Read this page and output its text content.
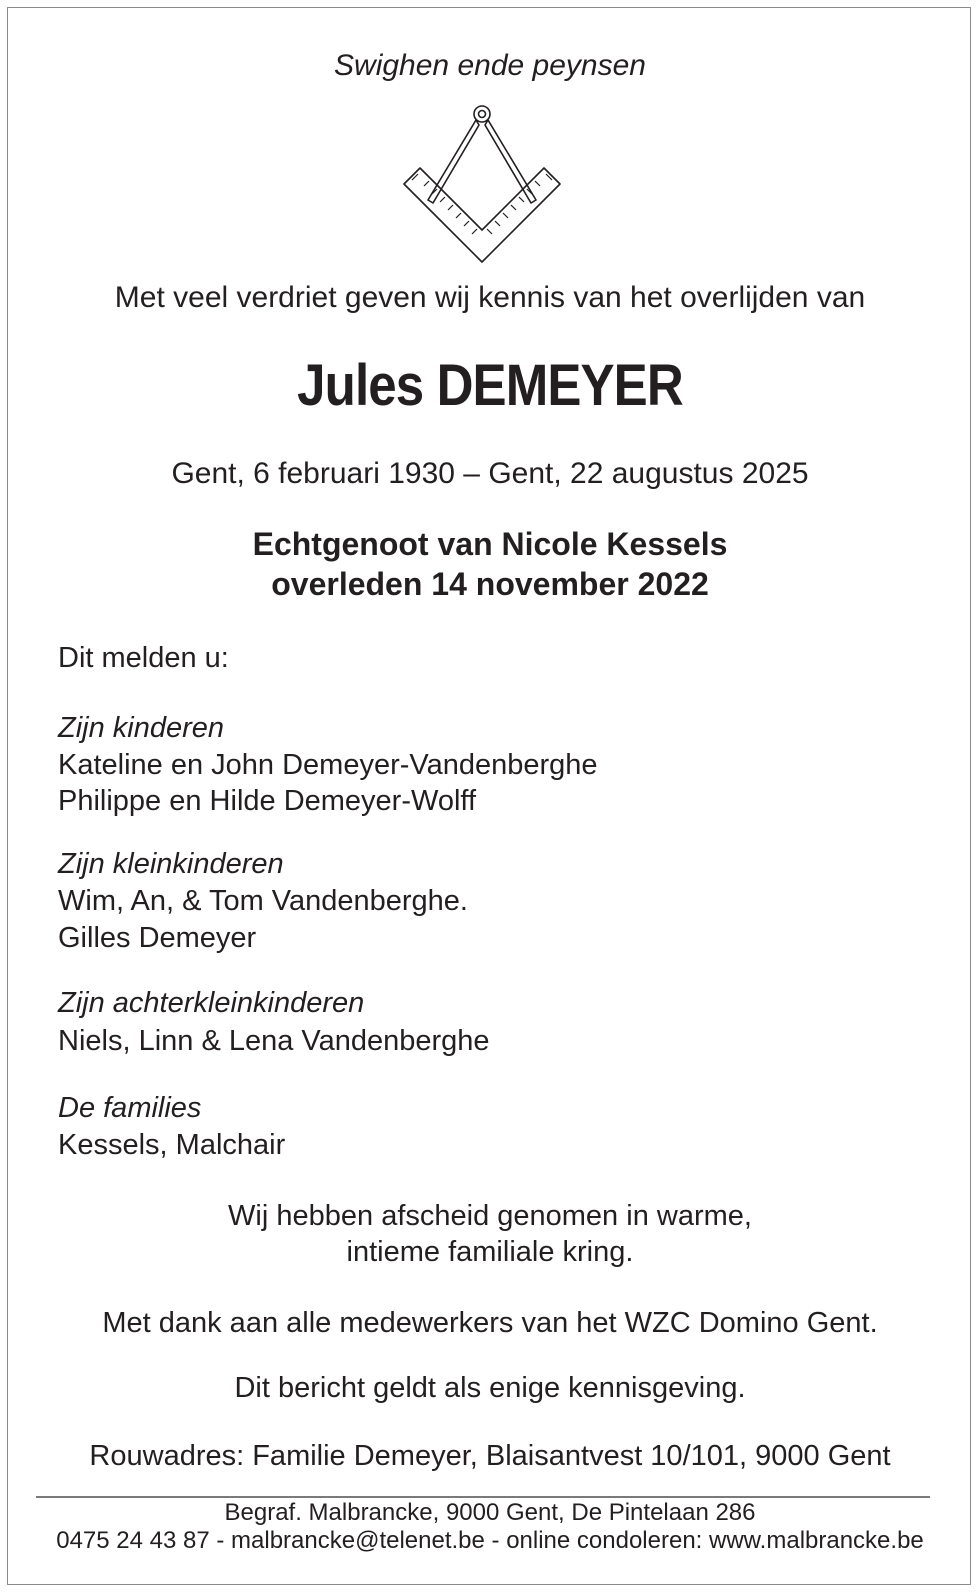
Swighen ende peynsen
Met veel verdriet geven wij kennis van het overlijden van
Jules DEMEYER
Gent, 6 februari 1930 – Gent, 22 augustus 2025
Echtgenoot van Nicole Kessels
overleden 14 november 2022
Dit melden u:
Zijn kinderen
Kateline en John Demeyer-Vandenberghe
Philippe en Hilde Demeyer-Wolff
Zijn kleinkinderen
Wim, An, & Tom Vandenberghe.
Gilles Demeyer
Zijn achterkleinkinderen
Niels, Linn & Lena Vandenberghe
De families
Kessels, Malchair
Wij hebben afscheid genomen in warme,
intieme familiale kring.
Met dank aan alle medewerkers van het WZC Domino Gent.
Dit bericht geldt als enige kennisgeving.
Rouwadres: Familie Demeyer, Blaisantvest 10/101, 9000 Gent
Begraf. Malbrancke, 9000 Gent, De Pintelaan 286
0475 24 43 87 - malbrancke@telenet.be - online condoleren: www.malbrancke.be
